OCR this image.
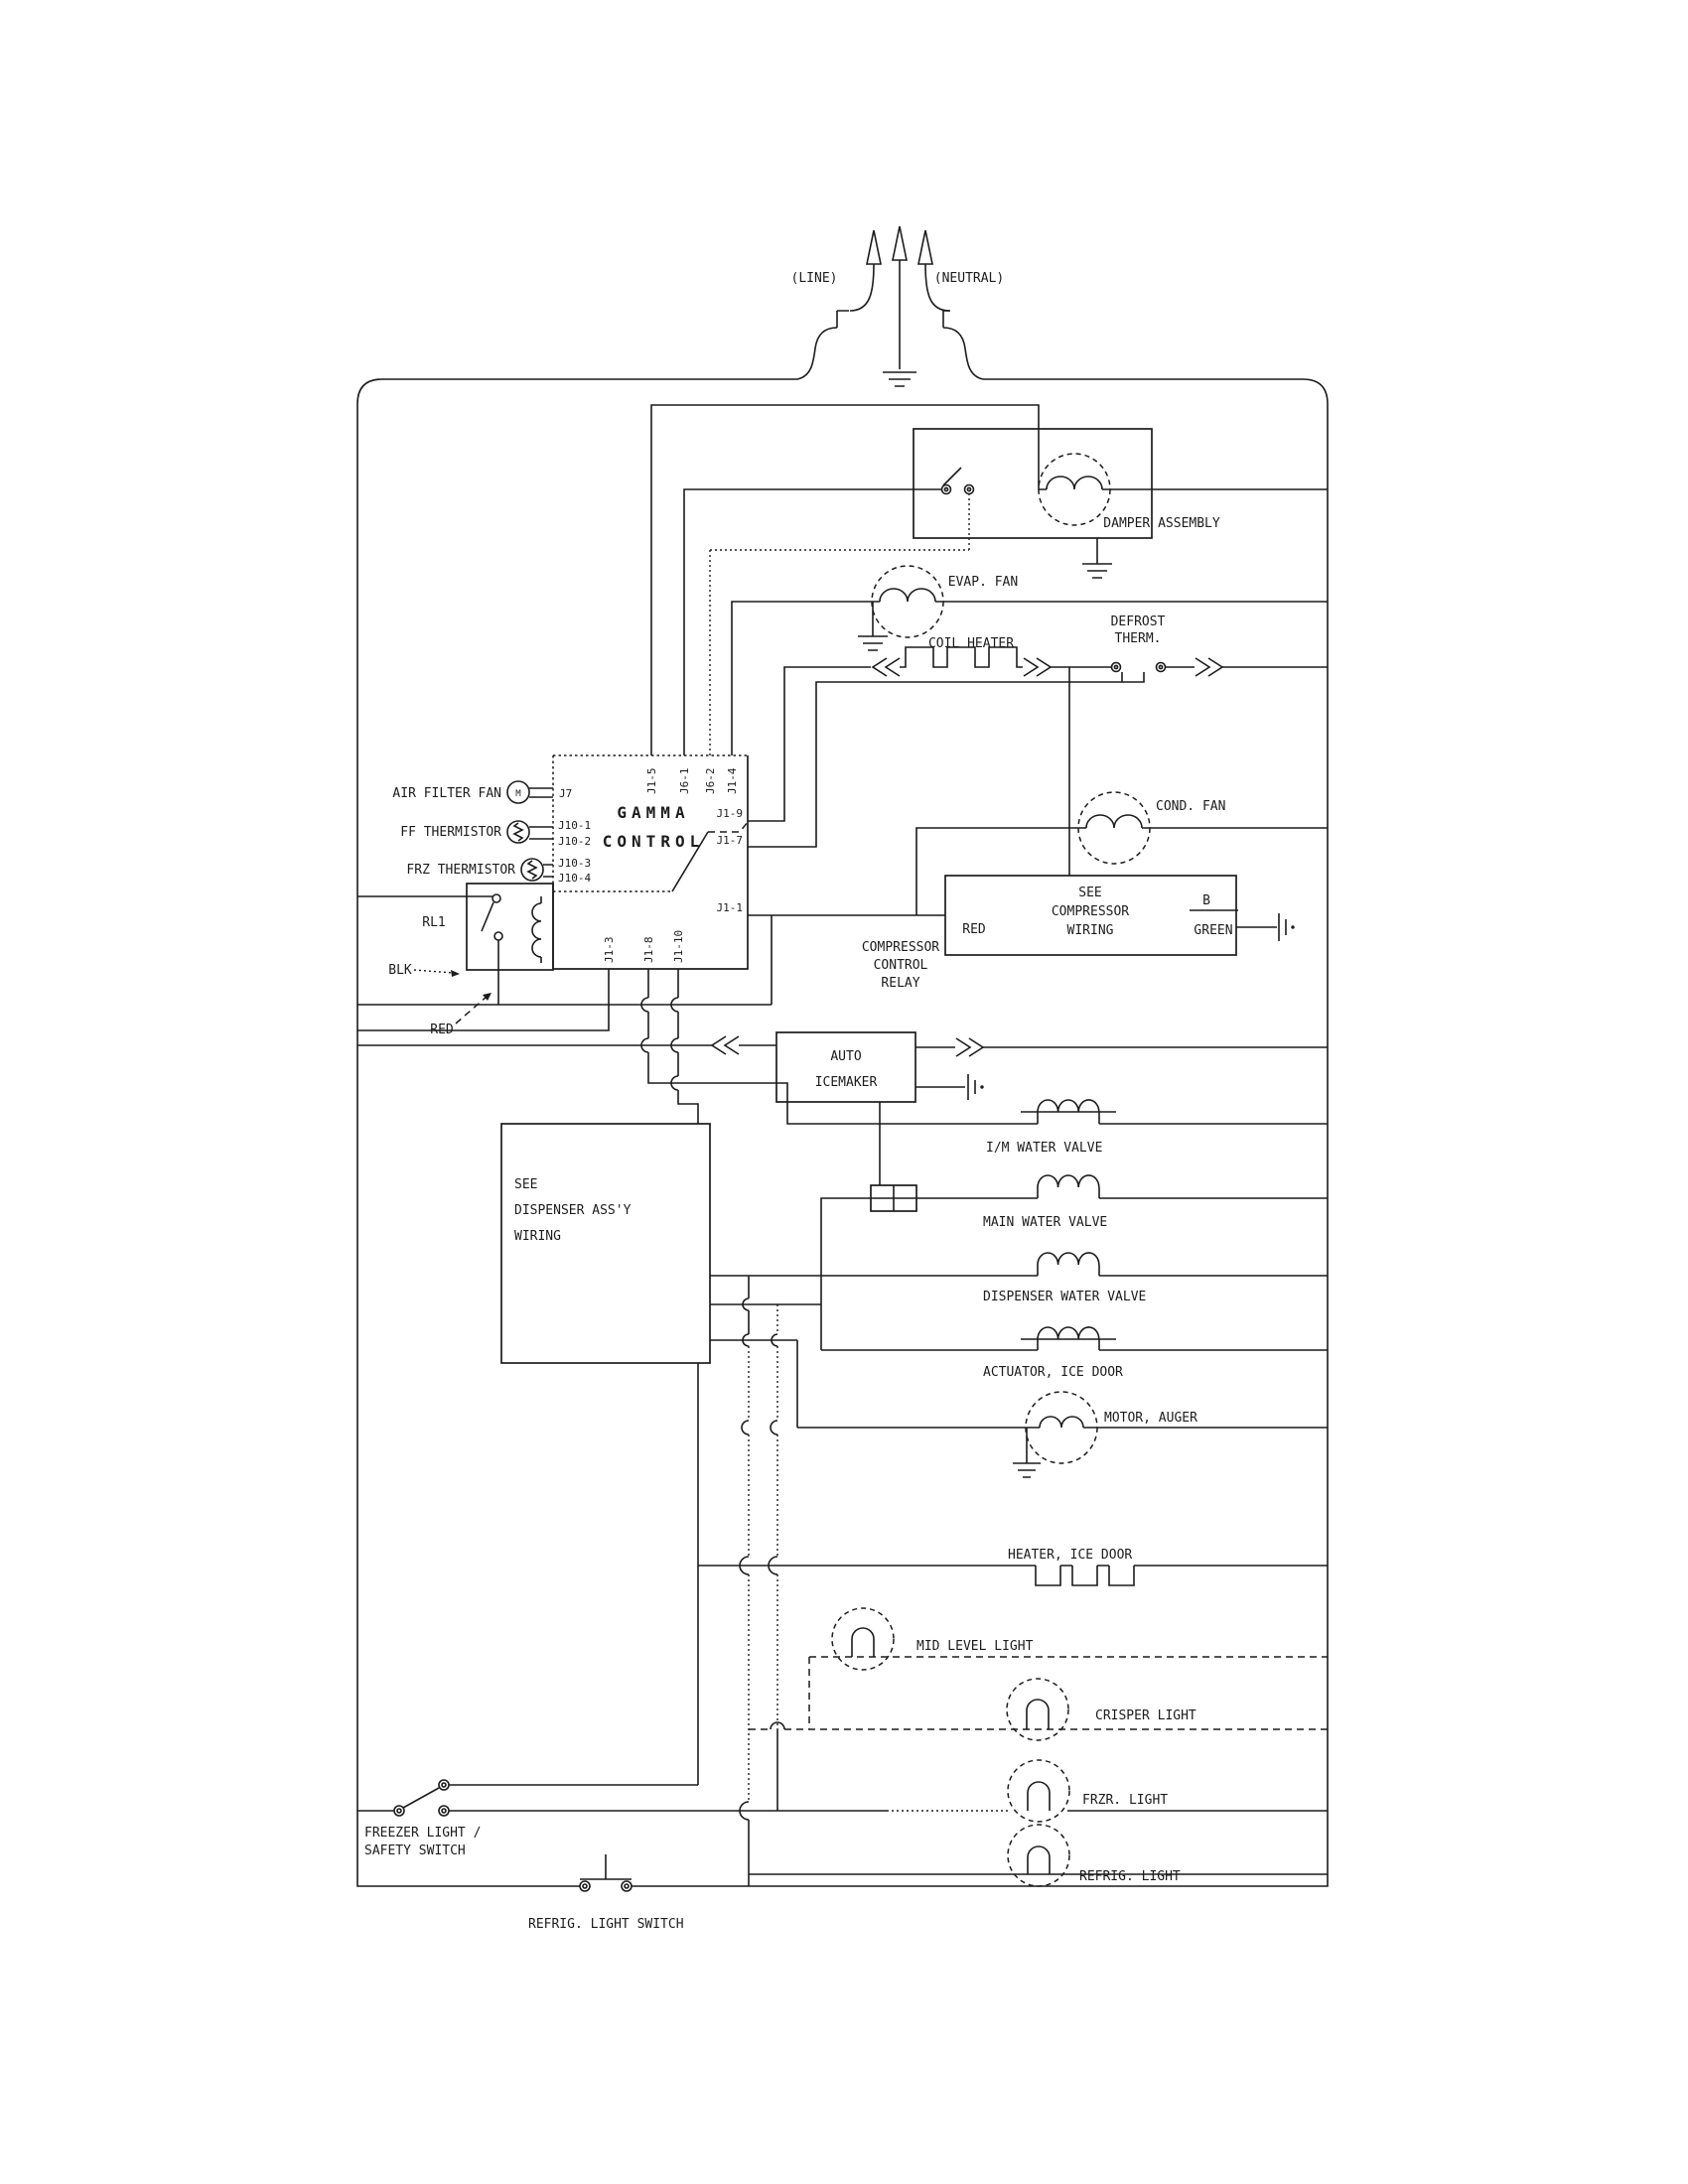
(LINE)	(NEUTRAL)
DAMPER ASSEMBLY
EVAP. FAN
COIL HEATER
DEFROST
THERM.
COND. FAN
SEE
COMPRESSOR
WIRING
RED
B
GREEN
COMPRESSOR
CONTROL
RELAY
GAMMA
CONTROL
J1-5 J6-1 J6-2 J1-4
J1-9
J1-7
J1-1
J1-3 J1-8 J1-10
J7
J10-1
J10-2
J10-3
J10-4
AIR FILTER FAN M
FF THERMISTOR
FRZ THERMISTOR
RL1
BLK
RED
AUTO
ICEMAKER
I/M WATER VALVE
MAIN WATER VALVE
DISPENSER WATER VALVE
ACTUATOR, ICE DOOR
SEE
DISPENSER ASS'Y
WIRING
MOTOR, AUGER
HEATER, ICE DOOR
MID LEVEL LIGHT
CRISPER LIGHT
FRZR. LIGHT
REFRIG. LIGHT
FREEZER LIGHT /
SAFETY SWITCH
REFRIG. LIGHT SWITCH
